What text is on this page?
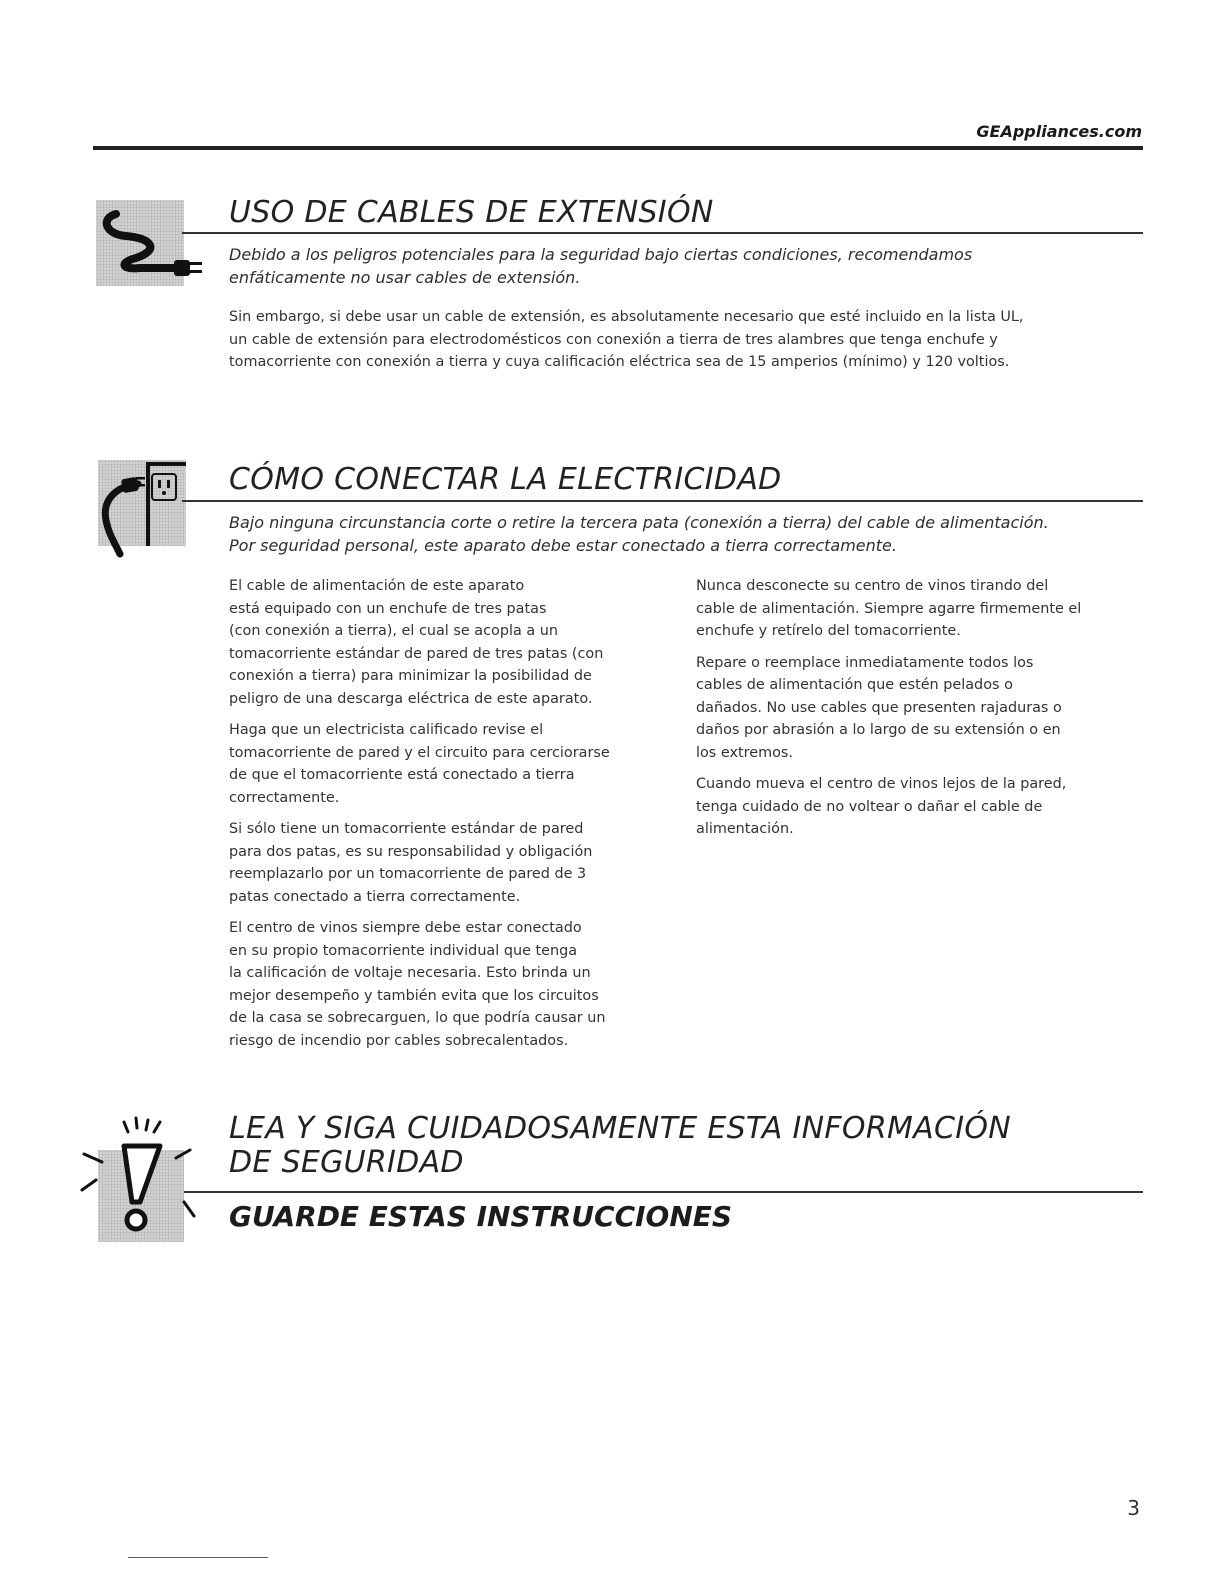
GEAppliances.com
USO DE CABLES DE EXTENSIÓN
Debido a los peligros potenciales para la seguridad bajo ciertas condiciones, recomendamos
enfáticamente no usar cables de extensión.
Sin embargo, si debe usar un cable de extensión, es absolutamente necesario que esté incluido en la lista UL,
un cable de extensión para electrodomésticos con conexión a tierra de tres alambres que tenga enchufe y
tomacorriente con conexión a tierra y cuya calificación eléctrica sea de 15 amperios (mínimo) y 120 voltios.
CÓMO CONECTAR LA ELECTRICIDAD
Bajo ninguna circunstancia corte o retire la tercera pata (conexión a tierra) del cable de alimentación.
Por seguridad personal, este aparato debe estar conectado a tierra correctamente.

El cable de alimentación de este aparato
está equipado con un enchufe de tres patas
(con conexión a tierra), el cual se acopla a un
tomacorriente estándar de pared de tres patas (con
conexión a tierra) para minimizar la posibilidad de
peligro de una descarga eléctrica de este aparato.

Haga que un electricista calificado revise el
tomacorriente de pared y el circuito para cerciorarse
de que el tomacorriente está conectado a tierra
correctamente.

Si sólo tiene un tomacorriente estándar de pared
para dos patas, es su responsabilidad y obligación
reemplazarlo por un tomacorriente de pared de 3
patas conectado a tierra correctamente.

El centro de vinos siempre debe estar conectado
en su propio tomacorriente individual que tenga
la calificación de voltaje necesaria. Esto brinda un
mejor desempeño y también evita que los circuitos
de la casa se sobrecarguen, lo que podría causar un
riesgo de incendio por cables sobrecalentados.

Nunca desconecte su centro de vinos tirando del
cable de alimentación. Siempre agarre firmemente el
enchufe y retírelo del tomacorriente.

Repare o reemplace inmediatamente todos los
cables de alimentación que estén pelados o
dañados. No use cables que presenten rajaduras o
daños por abrasión a lo largo de su extensión o en
los extremos.

Cuando mueva el centro de vinos lejos de la pared,
tenga cuidado de no voltear o dañar el cable de
alimentación.

LEA Y SIGA CUIDADOSAMENTE ESTA INFORMACIÓN
DE SEGURIDAD
GUARDE ESTAS INSTRUCCIONES
3
